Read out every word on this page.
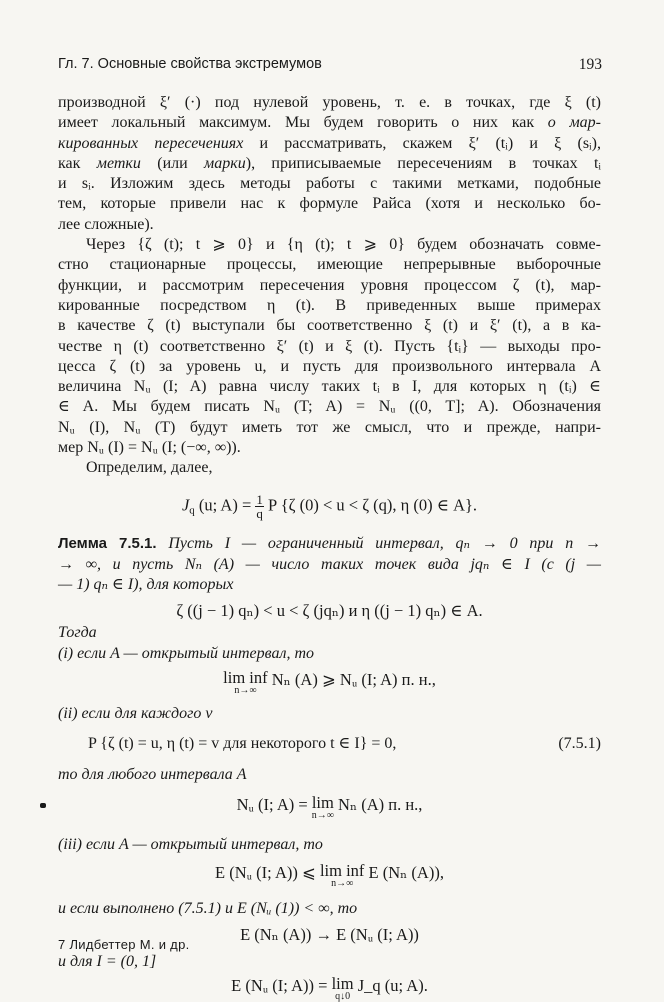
Гл. 7. Основные свойства экстремумов	193

производной ξ′ (·) под нулевой уровень, т. е. в точках, где ξ (t)
имеет локальный максимум. Мы будем говорить о них как о мар-
кированных пересечениях и рассматривать, скажем ξ′ (tᵢ) и ξ (sᵢ),
как метки (или марки), приписываемые пересечениям в точках tᵢ
и sᵢ. Изложим здесь методы работы с такими метками, подобные
тем, которые привели нас к формуле Райса (хотя и несколько бо-
лее сложные).

Через {ζ (t); t ⩾ 0} и {η (t); t ⩾ 0} будем обозначать совме-
стно стационарные процессы, имеющие непрерывные выборочные
функции, и рассмотрим пересечения уровня процессом ζ (t), мар-
кированные посредством η (t). В приведенных выше примерах
в качестве ζ (t) выступали бы соответственно ξ (t) и ξ′ (t), а в ка-
честве η (t) соответственно ξ′ (t) и ξ (t). Пусть {tᵢ} — выходы про-
цесса ζ (t) за уровень u, и пусть для произвольного интервала A
величина Nᵤ (I; A) равна числу таких tᵢ в I, для которых η (tᵢ) ∈
∈ A. Мы будем писать Nᵤ (T; A) = Nᵤ ((0, T]; A). Обозначения
Nᵤ (I), Nᵤ (T) будут иметь тот же смысл, что и прежде, напри-
мер Nᵤ (I) = Nᵤ (I; (−∞, ∞)).

Определим, далее,

$J_q$ (u; $A) = \frac{1}{q}$ P {ζ (0) < u < ζ (q), η (0) ∈ A}.

Лемма 7.5.1. Пусть I — ограниченный интервал, qₙ → 0 при n →
→ ∞, и пусть Nₙ (A) — число таких точек вида jqₙ ∈ I (c (j —
— 1) qₙ ∈ I), для которых

ζ ((j − 1) qₙ) < u < ζ (jqₙ) и η ((j − 1) qₙ) ∈ A.

Тогда

(i) если A — открытый интервал, то

lim inf
n→∞
Nₙ (A) ⩾ Nᵤ (I; A) п. н.,

(ii) если для каждого v

P {ζ (t) = u, η (t) = v для некоторого t ∈ I} = 0,	(7.5.1)

то для любого интервала A

Nᵤ (I; A) = lim
n→∞
Nₙ (A) п. н.,

(iii) если A — открытый интервал, то

E (Nᵤ (I; A)) ⩽ lim inf
n→∞
E (Nₙ (A)),

и если выполнено (7.5.1) и E (Nᵤ (1)) < ∞, то

E (Nₙ (A)) → E (Nᵤ (I; A))

и для I = (0, 1]

E (Nᵤ (I; A)) = lim
q↓0
J_q (u; A).
7 Лидбеттер М. и др.
